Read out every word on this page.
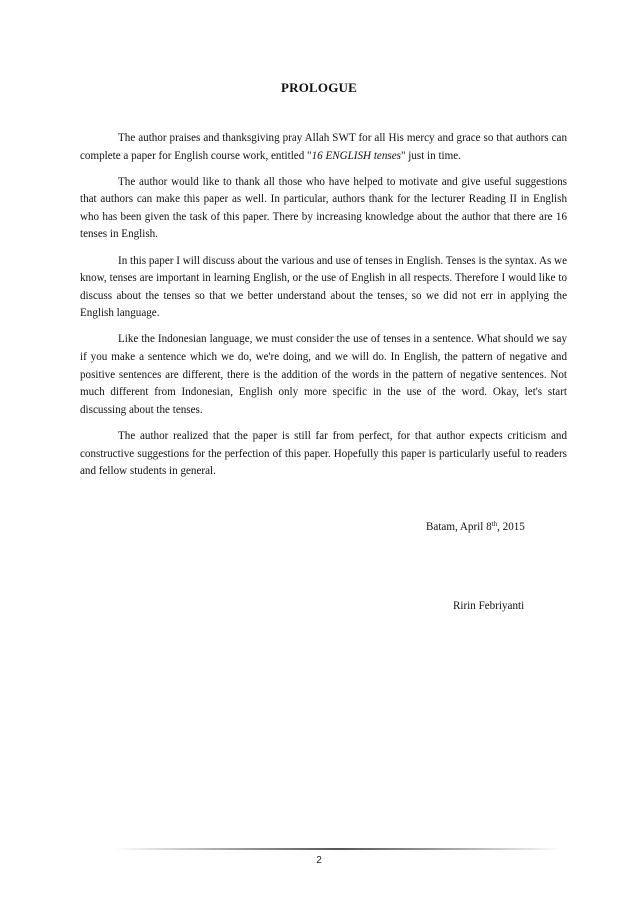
PROLOGUE

The author praises and thanksgiving pray Allah SWT for all His mercy and grace so that authors can complete a paper for English course work, entitled "16 ENGLISH tenses" just in time.

The author would like to thank all those who have helped to motivate and give useful suggestions that authors can make this paper as well. In particular, authors thank for the lecturer Reading II in English who has been given the task of this paper. There by increasing knowledge about the author that there are 16 tenses in English.

In this paper I will discuss about the various and use of tenses in English. Tenses is the syntax. As we know, tenses are important in learning English, or the use of English in all respects. Therefore I would like to discuss about the tenses so that we better understand about the tenses, so we did not err in applying the English language.

Like the Indonesian language, we must consider the use of tenses in a sentence. What should we say if you make a sentence which we do, we're doing, and we will do. In English, the pattern of negative and positive sentences are different, there is the addition of the words in the pattern of negative sentences. Not much different from Indonesian, English only more specific in the use of the word. Okay, let's start discussing about the tenses.

The author realized that the paper is still far from perfect, for that author expects criticism and constructive suggestions for the perfection of this paper. Hopefully this paper is particularly useful to readers and fellow students in general.

Batam, April 8th, 2015
Ririn Febriyanti
2
